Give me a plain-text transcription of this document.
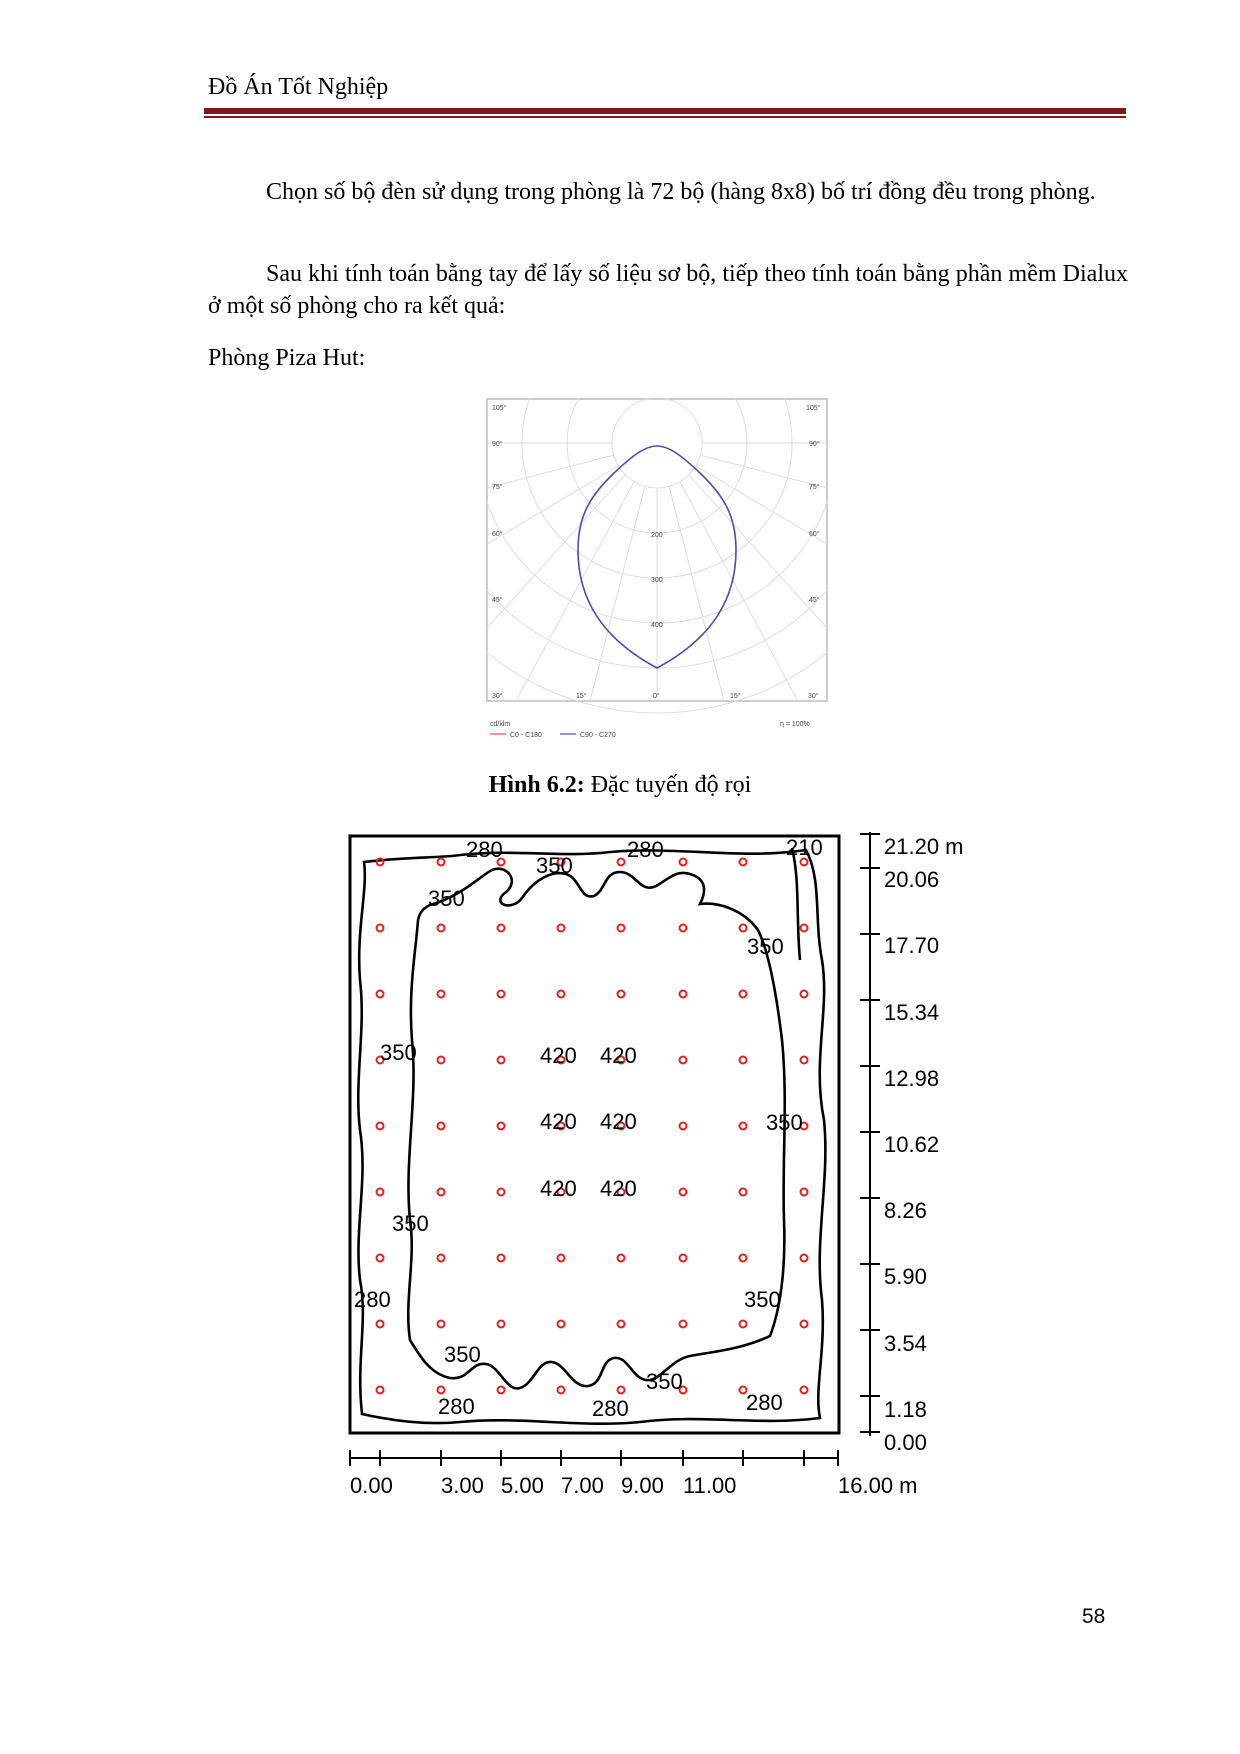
Đồ Án Tốt Nghiệp
Chọn số bộ đèn sử dụng trong phòng là 72 bộ (hàng 8x8) bố trí đồng đều trong phòng.
Sau khi tính toán bằng tay để lấy số liệu sơ bộ, tiếp theo tính toán bằng phần mềm Dialux ở một số phòng cho ra kết quả:
Phòng Piza Hut:
105°
90°
75°
60°
45°
105°
90°
75°
60°
45°
30°	15°	0°	15°	30°
200
300
400
cd/klm	η = 100%
C0 - C180	C90 - C270
Hình 6.2: Đặc tuyến độ rọi
280
350
280	210
350
350
350	420 420
420 420
420 420
350
350
280	350
350
280	280
350
280
21.20 m
20.06
17.70
15.34
12.98
10.62
8.26
5.90
3.54
1.18
0.00
0.00 3.00 5.00 7.00 9.00 11.00	16.00 m
58
